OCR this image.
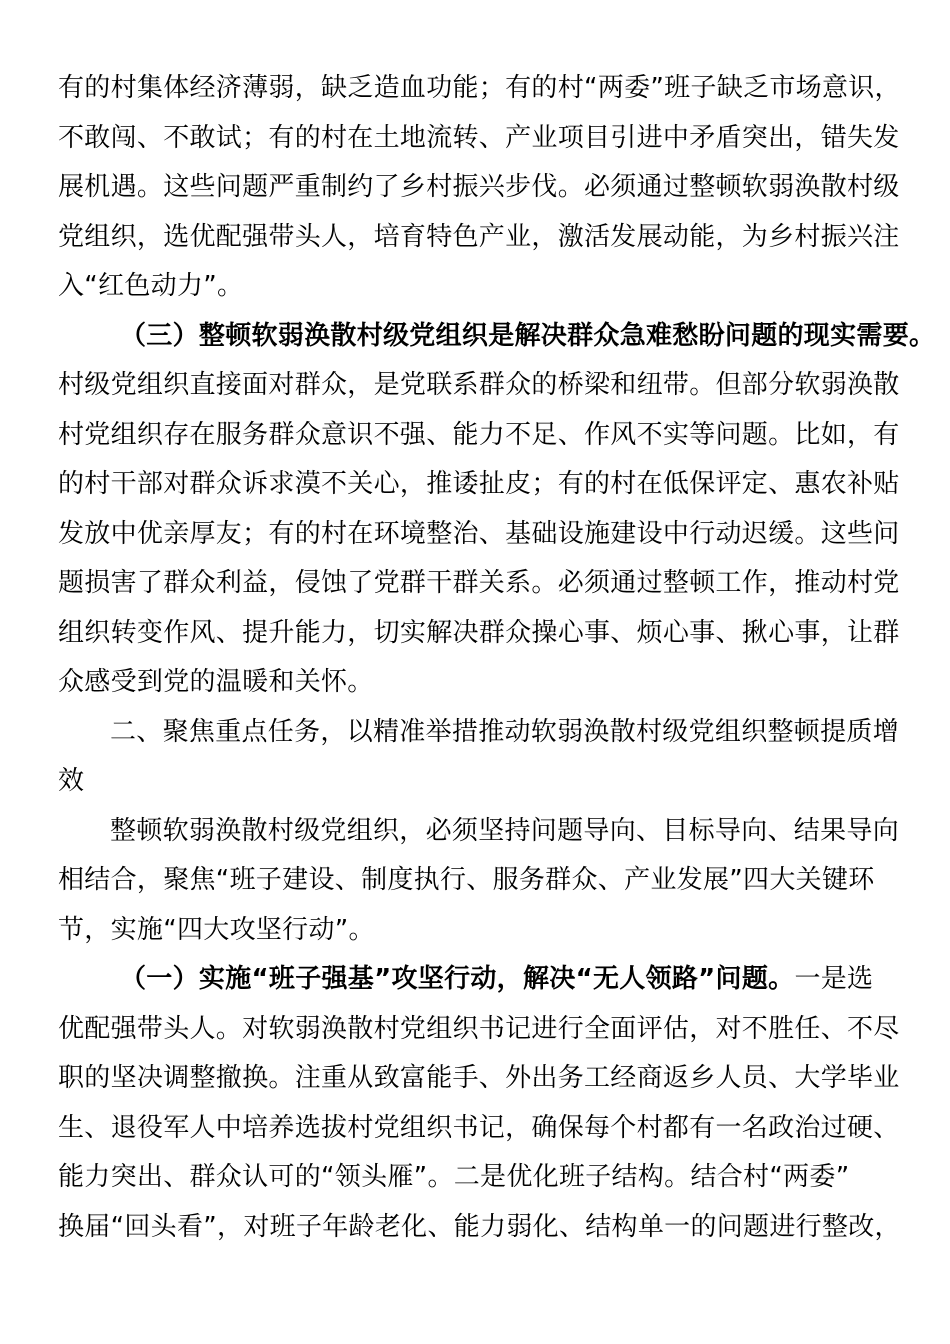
有的村集体经济薄弱，缺乏造血功能；有的村“两委”班子缺乏市场意识，
不敢闯、不敢试；有的村在土地流转、产业项目引进中矛盾突出，错失发
展机遇。这些问题严重制约了乡村振兴步伐。必须通过整顿软弱涣散村级
党组织，选优配强带头人，培育特色产业，激活发展动能，为乡村振兴注
入“红色动力”。
（三）整顿软弱涣散村级党组织是解决群众急难愁盼问题的现实需要。
村级党组织直接面对群众，是党联系群众的桥梁和纽带。但部分软弱涣散
村党组织存在服务群众意识不强、能力不足、作风不实等问题。比如，有
的村干部对群众诉求漠不关心，推诿扯皮；有的村在低保评定、惠农补贴
发放中优亲厚友；有的村在环境整治、基础设施建设中行动迟缓。这些问
题损害了群众利益，侵蚀了党群干群关系。必须通过整顿工作，推动村党
组织转变作风、提升能力，切实解决群众操心事、烦心事、揪心事，让群
众感受到党的温暖和关怀。
二、聚焦重点任务，以精准举措推动软弱涣散村级党组织整顿提质增
效
整顿软弱涣散村级党组织，必须坚持问题导向、目标导向、结果导向
相结合，聚焦“班子建设、制度执行、服务群众、产业发展”四大关键环
节，实施“四大攻坚行动”。
（一）实施“班子强基”攻坚行动，解决“无人领路”问题。一是选
优配强带头人。对软弱涣散村党组织书记进行全面评估，对不胜任、不尽
职的坚决调整撤换。注重从致富能手、外出务工经商返乡人员、大学毕业
生、退役军人中培养选拔村党组织书记，确保每个村都有一名政治过硬、
能力突出、群众认可的“领头雁”。二是优化班子结构。结合村“两委”
换届“回头看”，对班子年龄老化、能力弱化、结构单一的问题进行整改，
